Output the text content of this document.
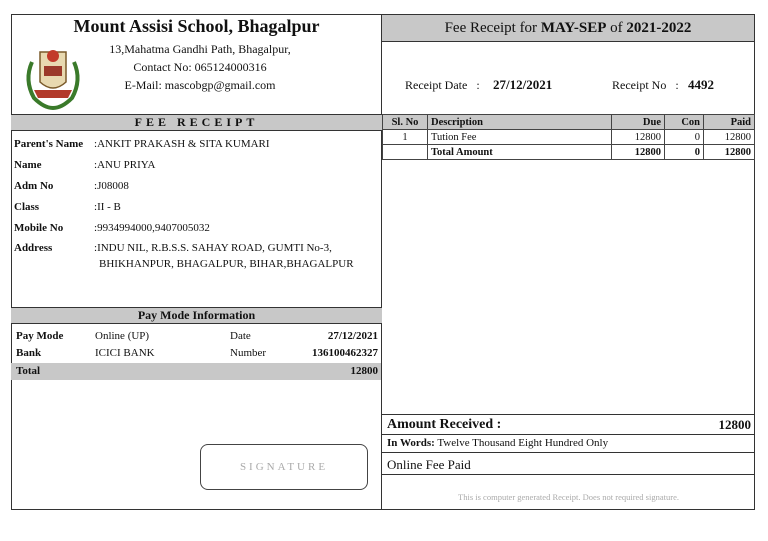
Mount Assisi School, Bhagalpur
13,Mahatma Gandhi Path, Bhagalpur,
Contact No: 065124000316
E-Mail: mascobgp@gmail.com
FEE RECEIPT
Parent's Name :ANKIT PRAKASH & SITA KUMARI
Name	:ANU PRIYA
Adm No	:J08008
Class	:II - B
Mobile No	:9934994000,9407005032
Address	:INDU NIL, R.B.S.S. SAHAY ROAD, GUMTI No-3,
BHIKHANPUR, BHAGALPUR, BIHAR,BHAGALPUR
Pay Mode Information
Pay Mode	Online (UP)	Date	27/12/2021
Bank	ICICI BANK	Number	136100462327
Total	12800
SIGNATURE
Fee Receipt for MAY-SEP of 2021-2022
Receipt Date   : 27/12/2021	Receipt No   : 4492
Sl. No	Description	Due	Con	Paid
1	Tution Fee	12800	0	12800
	Total Amount	12800	0	12800
Amount Received :	12800
In Words: Twelve Thousand Eight Hundred Only
Online Fee Paid
This is computer generated Receipt. Does not required signature.
